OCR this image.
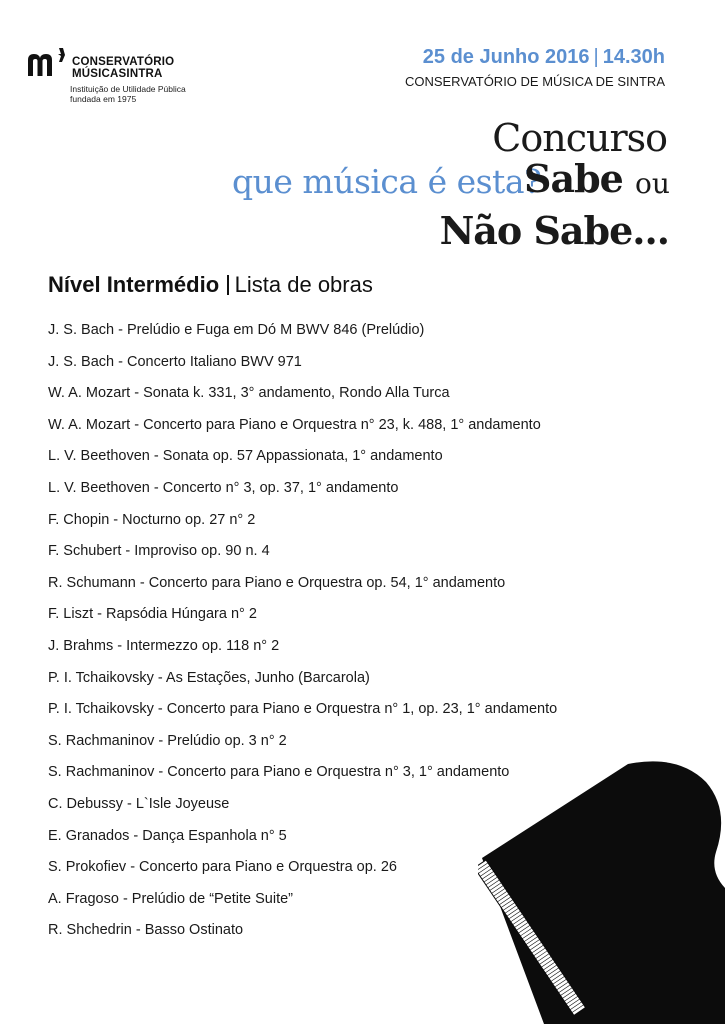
CONSERVATÓRIO
MÚSICASINTRA
Instituição de Utilidade Pública
fundada em 1975
25 de Junho 2016 | 14.30h
CONSERVATÓRIO DE MÚSICA DE SINTRA
Concurso
que música é esta?
Sabe ou
Não Sabe...
Nível Intermédio Lista de obras
J. S. Bach - Prelúdio e Fuga em Dó M BWV 846 (Prelúdio)
J. S. Bach - Concerto Italiano BWV 971
W. A. Mozart - Sonata k. 331, 3° andamento, Rondo Alla Turca
W. A. Mozart - Concerto para Piano e Orquestra n° 23, k. 488, 1° andamento
L. V. Beethoven - Sonata op. 57 Appassionata, 1° andamento
L. V. Beethoven - Concerto n° 3, op. 37, 1° andamento
F. Chopin - Nocturno op. 27 n° 2
F. Schubert - Improviso op. 90 n. 4
R. Schumann - Concerto para Piano e Orquestra op. 54, 1° andamento
F. Liszt - Rapsódia Húngara n° 2
J. Brahms - Intermezzo op. 118 n° 2
P. I. Tchaikovsky - As Estações, Junho (Barcarola)
P. I. Tchaikovsky - Concerto para Piano e Orquestra n° 1, op. 23, 1° andamento
S. Rachmaninov - Prelúdio op. 3 n° 2
S. Rachmaninov - Concerto para Piano e Orquestra n° 3, 1° andamento
C. Debussy - L`Isle Joyeuse
E. Granados - Dança Espanhola n° 5
S. Prokofiev - Concerto para Piano e Orquestra op. 26
A. Fragoso - Prelúdio de “Petite Suite”
R. Shchedrin - Basso Ostinato
